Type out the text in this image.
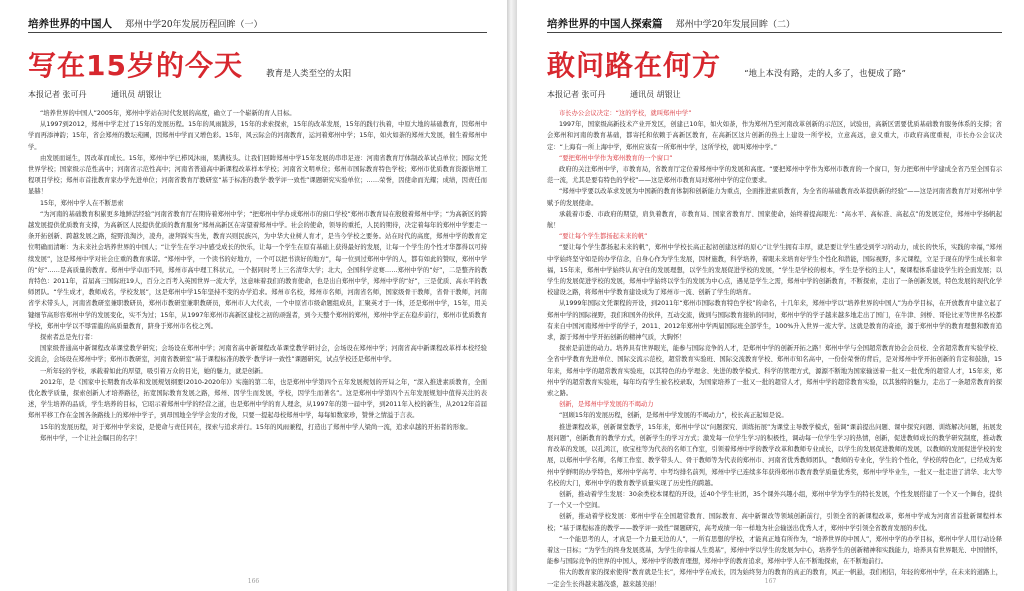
培养世界的中国人 郑州中学20年发展历程回眸（一）
写在15岁的今天	教育是人类至空的太阳
本报记者 张可丹	通讯员 胡银让

“培养世界的中国人”2005年，郑州中学站在时代发展的高度，确立了一个崭新的育人目标。

从1997到2012，郑州中学走过了15年的发展历程。15年的风雨跋涉，15年的求索探索，15年的改革发展，15年的践行执着，中原大地的基础教育，因郑州中学而再添神韵；15年，省会郑州的教坛苑圃，因郑州中学而又增色彩。15年，风云际会的河南教育，运河着郑州中学；15年，如火如荼的郑州大发展，催生着郑州中学。

由发展而诞生，因改革而成长。15年，郑州中学已栉风沐雨，果满枝头。让我们回眸郑州中学15年发展的串串足迹：河南省教育厅体制改革试点单位；国际文凭世界学校；国家级示范性高中；河南省示范性高中；河南省普通高中新课程改革样本学校；河南省文明单位；郑州市国际教育特色学校；郑州市优质教育资源倍增工程项目学校；郑州市首批教育家办学先进单位；河南省教育厅教研室“基于标准的教学·教学评一致性”课题研究实验单位；……荣誉，因使命而光耀；成绩，因责任而显赫！

15年，郑州中学人在不断思索

“为河南的基础教育积累更多地鲜活经验”河南省教育厅在期待着郑州中学；“把郑州中学办成郑州市的窗口学校”郑州市教育局在殷殷着郑州中学；“为高新区的跨越发展提供优质教育支撑，为高新区人民提供优质的教育服务”郑州高新区在寄望着郑州中学。社会的使命，领导的重托，人民的期待，决定着每年的郑州中学要走一条开拓创新、跨越发展之路，绽野浪淘沙，凌舟，凄拜踩实当先，教育兴则民族兴，为中华大业树人育才，是当今学校之要务。站在时代的高度，郑州中学的教育定位明确而清晰：为未来社会培养世界的中国人；“让学生在学习中感受成长的快乐，让每一个学生在原有基础上获得最好的发展，让每一个学生的个性才华都得以可持续发展”，这是郑州中学对社会庄重的教育承诺。“郑州中学，一个读书的好地方，一个可以把书读好的地方”，每一位到过郑州中学的人，都有如此的赞叹，郑州中学的“好”……是高质量的教育。郑州中学卓而不同，郑州市高中理工科状元，一个据同时考上三名清华大学；北大，全国科学竞赛……郑州中学的“好”，二是整齐的教育特色：2011年，首届高三国际班19人，百分之百考入英国世界一流大学，这意味着我们的教育使命，也是出自郑州中学，郑州中学的“好”，三是优质、高水平的教师团队。“学生成才，教师成名，学校发展”，这是郑州中学15年坚持不变的办学追求。郑州市名校，郑州市名师，河南省名师，国家级骨干教师，省骨干教师，河南省学术带头人，河南省教研室兼职教研员，郑州市教研室兼职教研员，郑州市人大代表，一个中原省市级命题组成员，汇聚英才于一体，还是郑州中学，15年，用关键细节高形容郑州中学的发展变化，实不为过；15年，从1997年郑州市高新区建校之初的顽强者，到今天整个郑州的郑州，郑州中学正在稳步前行，郑州市优质教育学校，郑州中学以不辱雷龍的高质量教育，跻身于郑州市名校之列。

探索者总是先行者：

国家级普通高中新课程改革课堂教学研究；会场设在郑州中学；河南省高中新课程改革课堂教学研讨会，会场设在郑州中学；河南省高中新课程改革样本校经验交流会，会场设在郑州中学；郑州市教研室，河南省教研室“基于课程标准的教学·教学评一致性”课题研究，试点学校还是郑州中学。

一所年轻的学校，承载着如此的厚望，吸引着万众的目光，她的魅力，就是创新。

2012年，是《国家中长期教育改革和发展规划纲要(2010-2020年)》实施的第二年，也是郑州中学第四个五年发展规划的开局之年，“深入推进素质教育，全面优化教学质量，探索创新人才培养路径，拓宽国际教育发展之路，郑州、因学生而发展，学校，因学生而著名”。这是郑州中学第四个五年发展规划中值得关注的表述，学生培养的品质，学生培养的目标，它昭示着郑州中学的经营之道，也是郑州中学的育人理念，从1997年的第一届中学，到2011年入校的新生，从2012年首届郑州平移工作在金国各条路线上的郑州中学子，到昂国地全学学会发的才俊，只要一提起母校郑州中学，每每如数家珍，赞誉之情溢于言表。

15年的发展历程，对于郑州中学来说，是使命与责任同在，探索与追求并行。15年的风雨兼程，打造出了郑州中学人梁尚一流，追求卓越的开拓者的形象。

郑州中学，一个让社会瞩目的名字！

166
培养世界的中国人探索篇 郑州中学20年发展回眸（二）
敢问路在何方	“地上本没有路，走的人多了，也便成了路”
本报记者 张可丹	通讯员 胡银让

市长办公会议决定：“这的学校，就叫郑州中学”

1997年，国家级高新技术产业开发区，创建已10年，如火如荼，作为郑州乃至河南改革创新的示范区，试验田，高新区需要优质基础教育服务体系的支撑；省会郑州和河南的教育基础，都寄托和依赖于高新区教育，在高新区这片创新的热土上建设一所学校，立意高远，意义重大，市政府高度重视，市长办公会议决定：“上海有一所上海中学，郑州应该有一所郑州中学，这所学校，就叫郑州中学。”

“要把郑州中学作为郑州教育的一个窗口”

政府的关注郑州中学，市教育局，省教育厅定位着郑州中学的发展和高度。“要把郑州中学作为郑州市教育的一个窗口，努力把郑州中学建成全省乃至全国有示范一流，尤其是要有特色的学校”——这是郑州市教育局对郑州中学的定位要求。

“郑州中学要以改革求发展为中国新的教育体制和创新能力为重点，全面推进素质教育，为全省的基础教育改革提供新的经验”——这是河南省教育厅对郑州中学赋予的发展使命。

承载着市委、市政府的期望，肩负着教育，市教育局、国家省教育厅、国家使命，始终着提高眼光：“高水平、高标准、高起点”的发展定位，郑州中学扬帆起航！

“要让每个学生都扬起未来的帆”

“要让每个学生都扬起未来的帆”，郑州中学校长高正起初创建这样的原心“让学生拥有丰厚，就是要让学生感受到学习的动力，成长的快乐，实践的幸福，”郑州中学始终坚守如是的办学信念，自身心作为学生发展，因材施教，科学培养，着眼未来培育好学生个性化和潜能，国际视野，多元课程，立足于现在的学生成长和幸福，15年来，郑州中学始终认真守住的发展理想，以学生的发展促进学校的发展，“学生是学校的根本，学生是学校的主人”，聚课程体系建设学生的全面发展；以学生的发展促进学校的发展，郑州中学始终以学生的发展为中心点，遇见是学生之需，郑州中学的创新教育，不断探索，走出了一条创新发展，特色发展的现代化学校建设之路，将郑州中学教育建设成为了郑州市一流、创新了学生的培育。

从1999年国际文凭课程的开设，到2011年“郑州市国际教育特色学校”的命名，十几年来，郑州中学以“培养世界的中国人”为办学目标，在开放教育中建立起了郑州中学的国际视野，我们和国外的伙伴，互动交流，做到与国际教育接轨的同时，郑州中学的学子越来越多地走出了国门，在牛津、剑桥、哥伦比亚等世界名校都有来自中国河南郑州中学的学子，2011、2012年郑州中学两届国际班全部学生，100%升入世界一流大学。这就是教育的奇迹，源于郑州中学的教育理想和教育追求，源于郑州中学开拓创新的精神气质，大胸怀！

探索是前进的动力。培养具有世界眼光，能参与国际竞争的人才，是郑州中学的创新开拓之路！郑州中学与全国超常教育协会会员校、全省超常教育实验学校、全省中学教育先进单位、国际交流示范校，超常教育实验班、国际交流教育学校、郑州市知名高中，一份份荣誉的背后，是对郑州中学开拓创新的肯定和鼓励，15年来，郑州中学的超常教育实验班，以其特色的办学理念、先进的教学模式、科学的管理方式，源源不断地为国家输送着一批又一批优秀的超常人才，15年来，郑州中学的超常教育实验班，每年均有学生被名校录取，为国家培养了一批又一批的超常人才，郑州中学的超常教育实验，以其独特的魅力，走出了一条超常教育的探索之路。

创新，是郑州中学发展的不竭动力

“回顾15年的发展历程，创新，是郑州中学发展的不竭动力”，校长高正起如是说。

推进课程改革，创新课堂教学，15年来，郑州中学以“问题探究、训练拓展”为课堂主导教学模式，强调“课前提出问题、课中探究问题、训练解决问题，拓展发展问题”，创新教育的教学方式，创新学生的学习方式；激发每一位学生学习的积极性，调动每一位学生学习的热情，创新，促进教师成长的教学研究制度，推动教育改革的发展，以孔鸿江，欧宝柱等为代表的名师工作室，引领着郑州中学的教学改革和教师专业成长，以学生的发展促进教师的发展，以教师的发展促进学校的发展，以郑州中学名师，名师工作室、教学带头人、骨干教师等为代表的郑州市、河南省优秀教师团队，“教师的专业化，学生的个性化，学校的特色化”，已经成为郑州中学鲜明的办学特色，郑州中学高考、中考均排名前列，郑州中学已连续多年获得郑州市教育教学质量优秀奖，郑州中学毕业生，一批又一批走进了清华、北大等名校的大门，郑州中学的教育教学质量实现了历史性的跨越。

创新，推动着学生发展：30余类校本课程的开设，近40个学生社团，35个课外兴趣小组，郑州中学为学生的特长发展，个性发展搭建了一个又一个舞台，提供了一个又一个空间。

创新，推动着学校发展：郑州中学在全国超常教育、国际教育、高中新课改等领域创新前行，引领全省的新课程改革，郑州中学成为河南省首批新课程样本校；“基于课程标准的教学——教学评一致性”课题研究，高考成绩一年一样地为社会输送出优秀人才，郑州中学引领全省教育发展的步伐。

“一个能思考的人，才真是一个力量无边的人”，一所有思想的学校，才能真正地有所作为，“培养世界的中国人”，郑州中学的办学目标，郑州中学人用行动诠释着这一目标；“为学生的终身发展奠基，为学生的幸福人生奠基”，郑州中学以学生的发展为中心，培养学生的创新精神和实践能力，培养具有世界眼光、中国情怀，能参与国际竞争的世界的中国人，郑州中学的教育理想，郑州中学的教育追求，郑州中学人在不断地探索，在不断地前行。

伟大的教育家的探索使得“教育就是生长”，郑州中学在成长，因为始终努力的教育的真正的教育，风正一帆悬，我们相信，年轻的郑州中学，在未来的道路上，一定会生长得越来越茂盛，越来越美丽！	167
